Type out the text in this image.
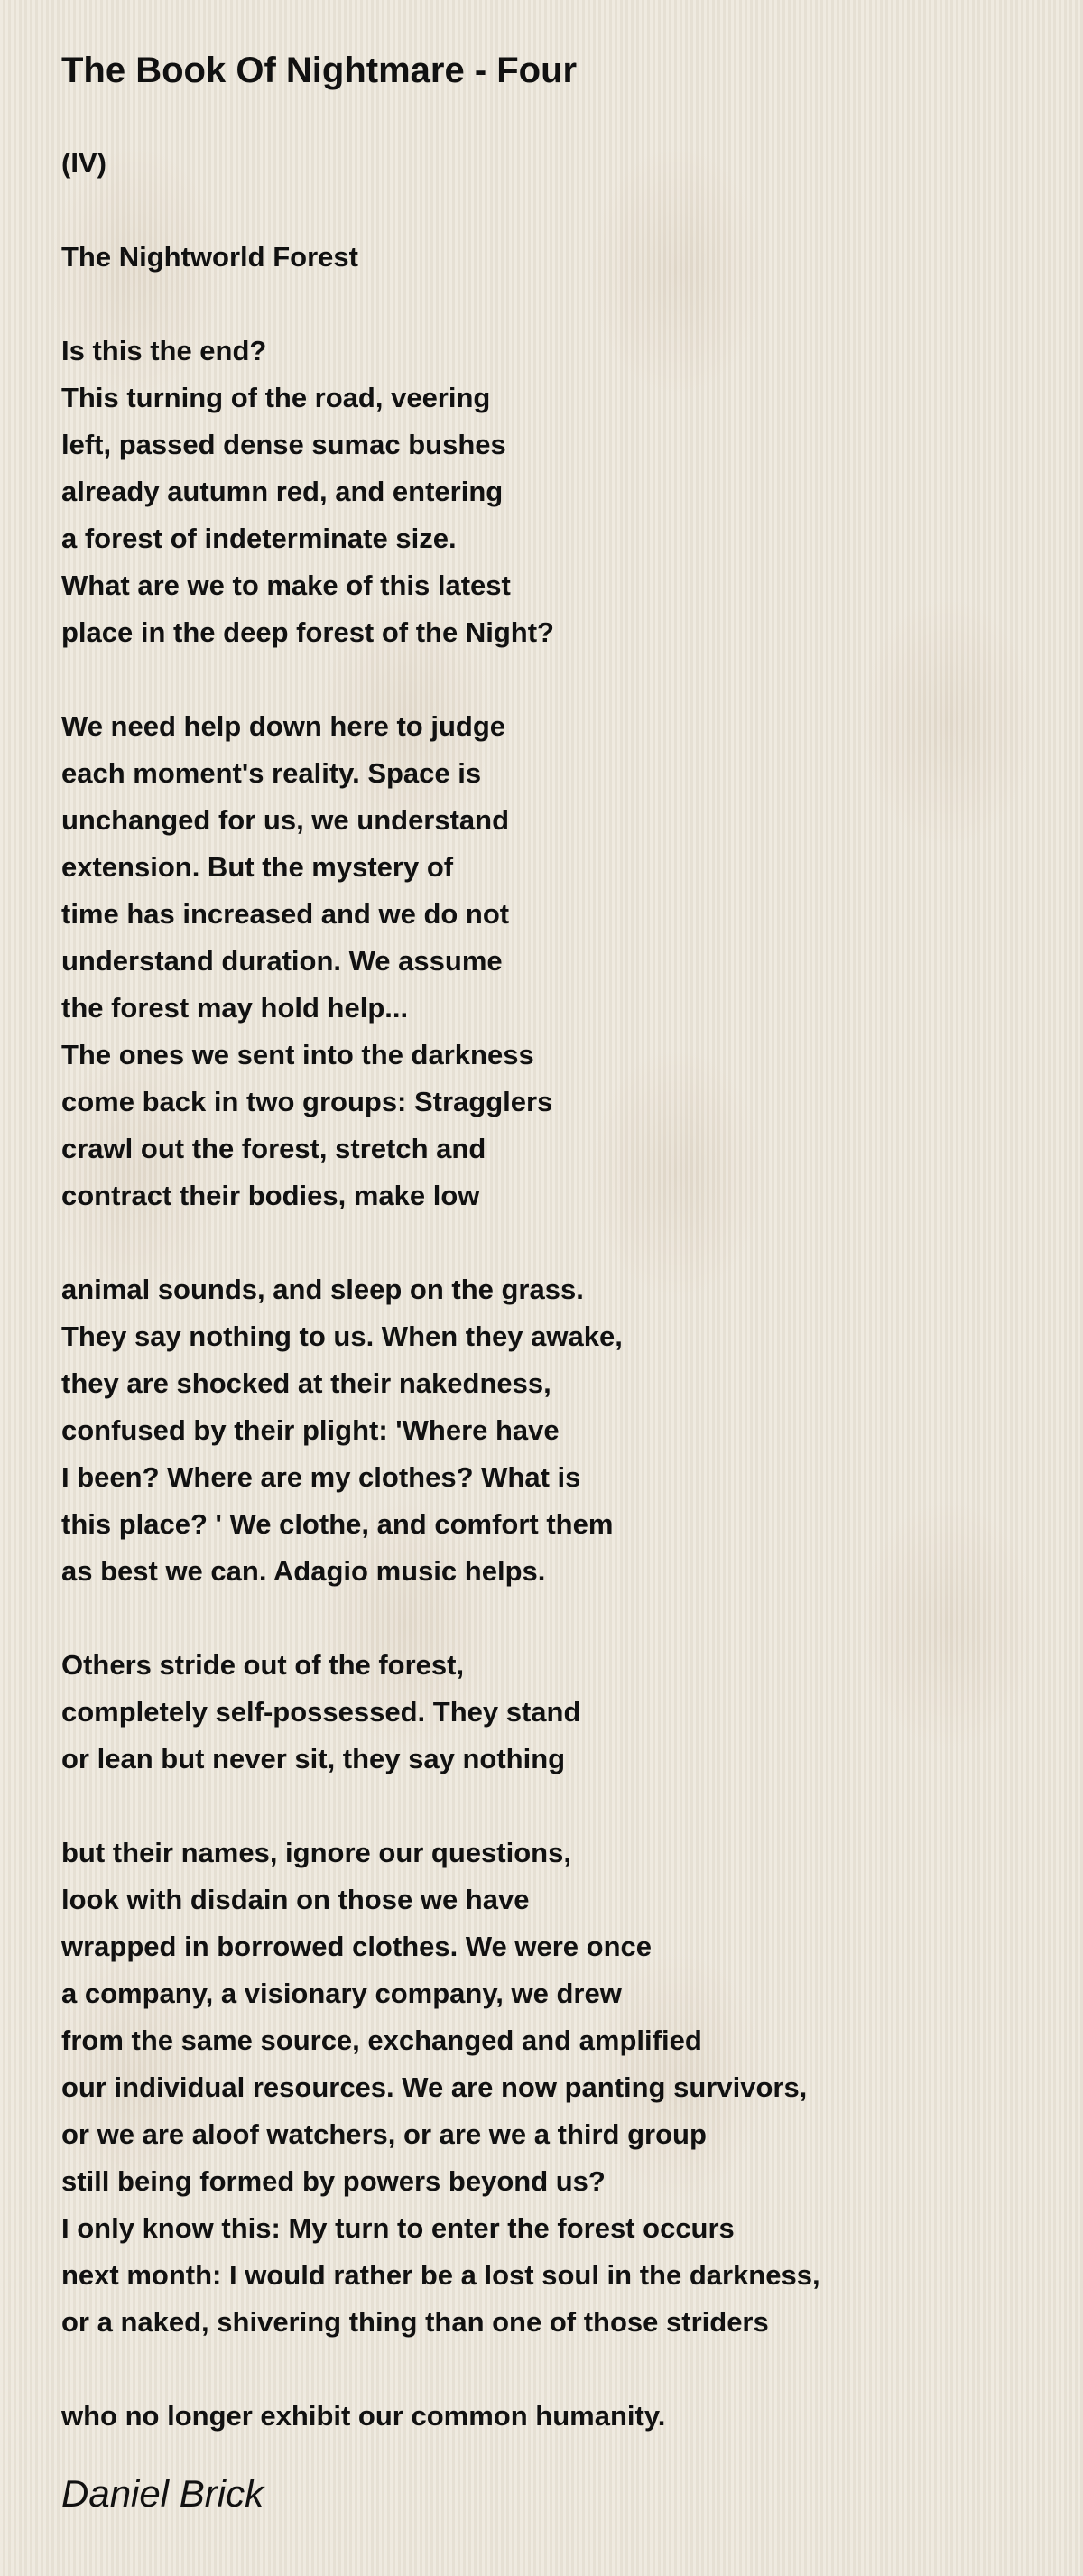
The Book Of Nightmare - Four
(IV)
The Nightworld Forest
Is this the end?
This turning of the road, veering
left, passed dense sumac bushes
already autumn red, and entering
a forest of indeterminate size.
What are we to make of this latest
place in the deep forest of the Night?
We need help down here to judge
each moment's reality. Space is
unchanged for us, we understand
extension. But the mystery of
time has increased and we do not
understand duration. We assume
the forest may hold help...
The ones we sent into the darkness
come back in two groups: Stragglers
crawl out the forest, stretch and
contract their bodies, make low
animal sounds, and sleep on the grass.
They say nothing to us. When they awake,
they are shocked at their nakedness,
confused by their plight: 'Where have
I been? Where are my clothes? What is
this place? ' We clothe, and comfort them
as best we can. Adagio music helps.
Others stride out of the forest,
completely self-possessed. They stand
or lean but never sit, they say nothing
but their names, ignore our questions,
look with disdain on those we have
wrapped in borrowed clothes. We were once
a company, a visionary company, we drew
from the same source, exchanged and amplified
our individual resources. We are now panting survivors,
or we are aloof watchers, or are we a third group
still being formed by powers beyond us?
I only know this: My turn to enter the forest occurs
next month: I would rather be a lost soul in the darkness,
or a naked, shivering thing than one of those striders
who no longer exhibit our common humanity.
Daniel Brick
